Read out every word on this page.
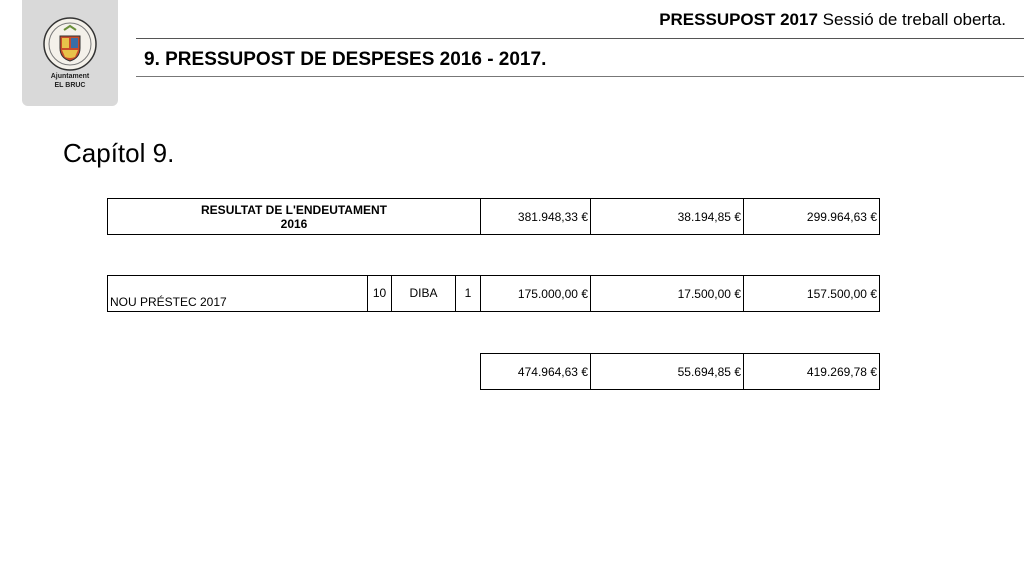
Ajuntament
EL BRUC
PRESSUPOST 2017 Sessió de treball oberta.
9. PRESSUPOST DE DESPESES 2016 - 2017.
Capítol 9.
RESULTAT DE L'ENDEUTAMENT
2016	381.948,33 €	38.194,85 €	299.964,63 €
NOU PRÉSTEC 2017	10	DIBA	1	175.000,00 €	17.500,00 €	157.500,00 €
474.964,63 €	55.694,85 €	419.269,78 €
